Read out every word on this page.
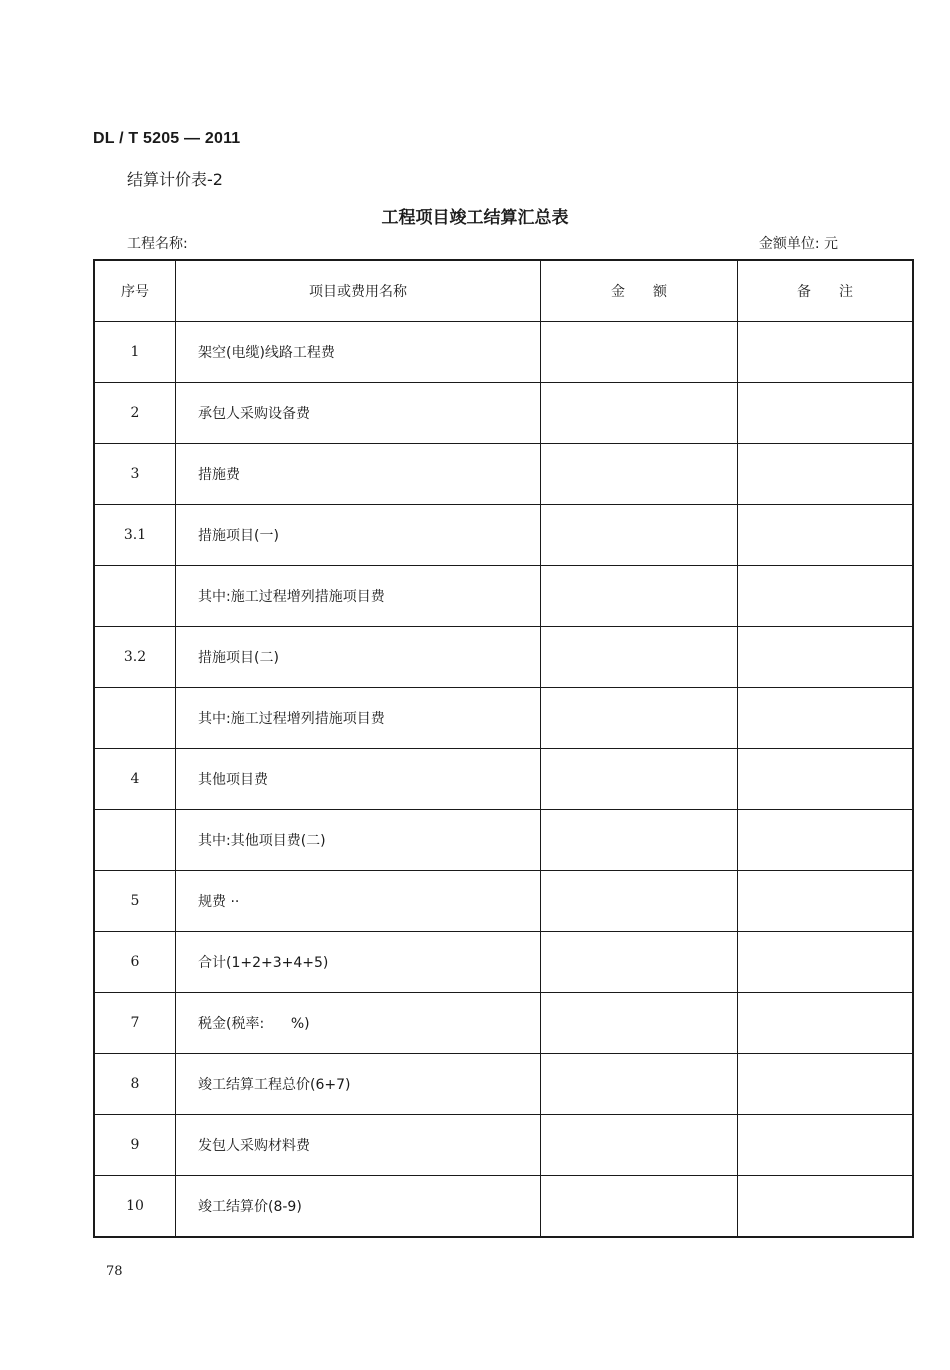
DL / T 5205 — 2011
结算计价表-2
工程项目竣工结算汇总表
工程名称:	金额单位: 元
序号	项目或费用名称	金额	备注
1	架空(电缆)线路工程费		
2	承包人采购设备费		
3	措施费		
3.1	措施项目(一)		
	其中:施工过程增列措施项目费		
3.2	措施项目(二)		
	其中:施工过程增列措施项目费		
4	其他项目费		
	其中:其他项目费(二)		
5	规费 ··		
6	合计(1+2+3+4+5)		
7	税金(税率:      %)		
8	竣工结算工程总价(6+7)		
9	发包人采购材料费		
10	竣工结算价(8-9)		
78
